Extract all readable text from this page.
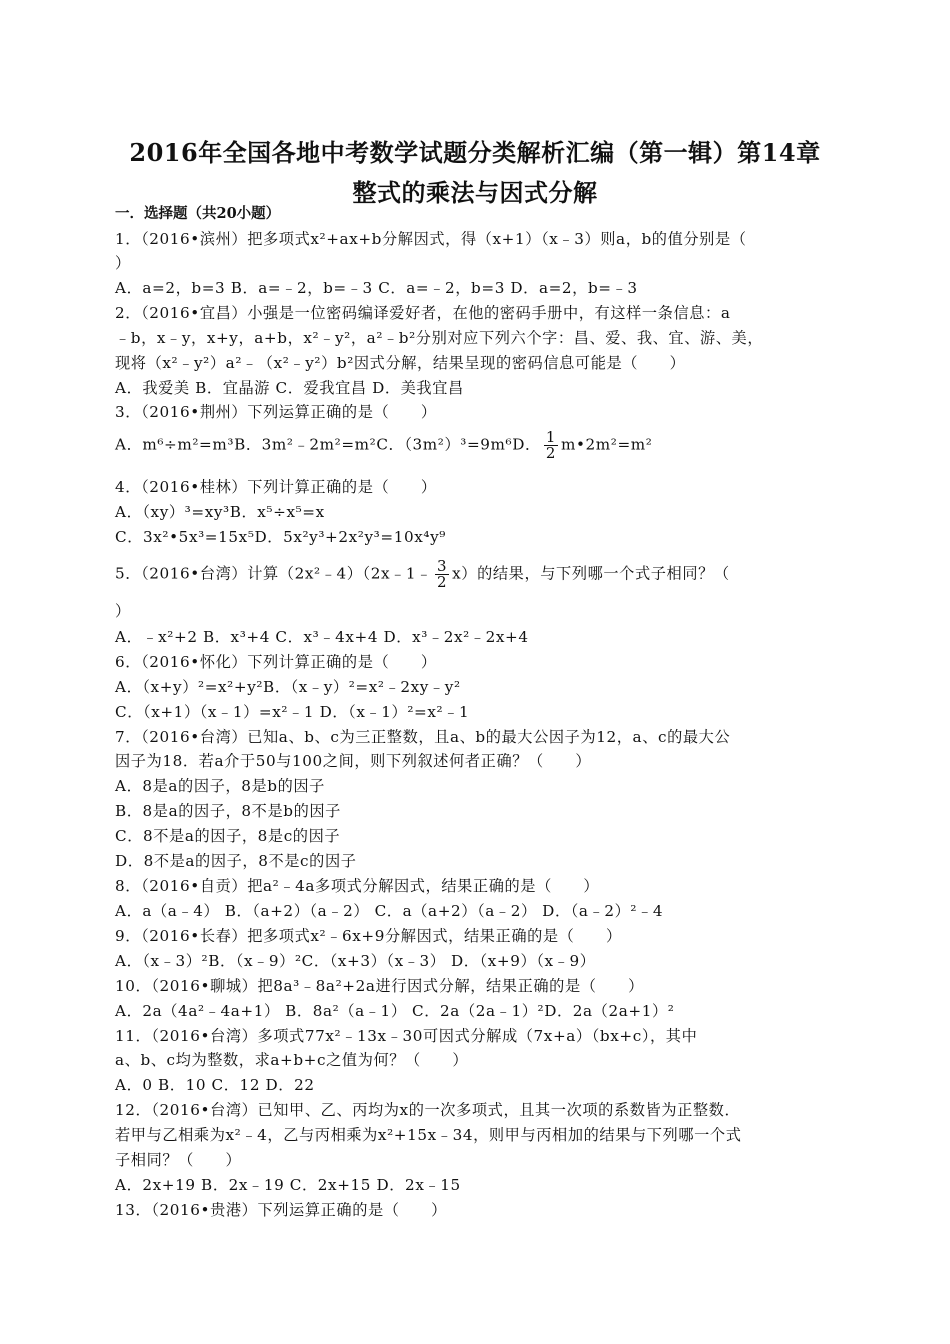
2016年全国各地中考数学试题分类解析汇编（第一辑）第14章
整式的乘法与因式分解
一．选择题（共20小题）
1．（2016•滨州）把多项式x²+ax+b分解因式，得（x+1）（x﹣3）则a，b的值分别是（
）
A．a=2，b=3 B．a=﹣2，b=﹣3 C．a=﹣2，b=3 D．a=2，b=﹣3
2．（2016•宜昌）小强是一位密码编译爱好者，在他的密码手册中，有这样一条信息：a
﹣b，x﹣y，x+y，a+b，x²﹣y²，a²﹣b²分别对应下列六个字：昌、爱、我、宜、游、美，
现将（x²﹣y²）a²﹣（x²﹣y²）b²因式分解，结果呈现的密码信息可能是（　　）
A．我爱美 B．宜晶游 C．爱我宜昌 D．美我宜昌
3．（2016•荆州）下列运算正确的是（　　）
A．m⁶÷m²=m³B．3m²﹣2m²=m²C．（3m²）³=9m⁶D． $\frac{1}{2}$ m•2m²=m²
4．（2016•桂林）下列计算正确的是（　　）
A．（xy）³=xy³B．x⁵÷x⁵=x
C．3x²•5x³=15x⁵D．5x²y³+2x²y³=10x⁴y⁹
5．（2016•台湾）计算（2x²﹣4）（2x﹣1﹣ $\frac{3}{2} x$）的结果，与下列哪一个式子相同？（
）
A．﹣x²+2 B．x³+4 C．x³﹣4x+4 D．x³﹣2x²﹣2x+4
6．（2016•怀化）下列计算正确的是（　　）
A．（x+y）²=x²+y²B．（x﹣y）²=x²﹣2xy﹣y²
C．（x+1）（x﹣1）=x²﹣1 D．（x﹣1）²=x²﹣1
7．（2016•台湾）已知a、b、c为三正整数，且a、b的最大公因子为12，a、c的最大公
因子为18．若a介于50与100之间，则下列叙述何者正确？（　　）
A．8是a的因子，8是b的因子
B．8是a的因子，8不是b的因子
C．8不是a的因子，8是c的因子
D．8不是a的因子，8不是c的因子
8．（2016•自贡）把a²﹣4a多项式分解因式，结果正确的是（　　）
A．a（a﹣4） B．（a+2）（a﹣2） C．a（a+2）（a﹣2） D．（a﹣2）²﹣4
9．（2016•长春）把多项式x²﹣6x+9分解因式，结果正确的是（　　）
A．（x﹣3）²B．（x﹣9）²C．（x+3）（x﹣3） D．（x+9）（x﹣9）
10．（2016•聊城）把8a³﹣8a²+2a进行因式分解，结果正确的是（　　）
A．2a（4a²﹣4a+1） B．8a²（a﹣1） C．2a（2a﹣1）²D．2a（2a+1）²
11．（2016•台湾）多项式77x²﹣13x﹣30可因式分解成（7x+a）（bx+c），其中
a、b、c均为整数，求a+b+c之值为何？（　　）
A．0 B．10 C．12 D．22
12．（2016•台湾）已知甲、乙、丙均为x的一次多项式，且其一次项的系数皆为正整数．
若甲与乙相乘为x²﹣4，乙与丙相乘为x²+15x﹣34，则甲与丙相加的结果与下列哪一个式
子相同？（　　）
A．2x+19 B．2x﹣19 C．2x+15 D．2x﹣15
13．（2016•贵港）下列运算正确的是（　　）
